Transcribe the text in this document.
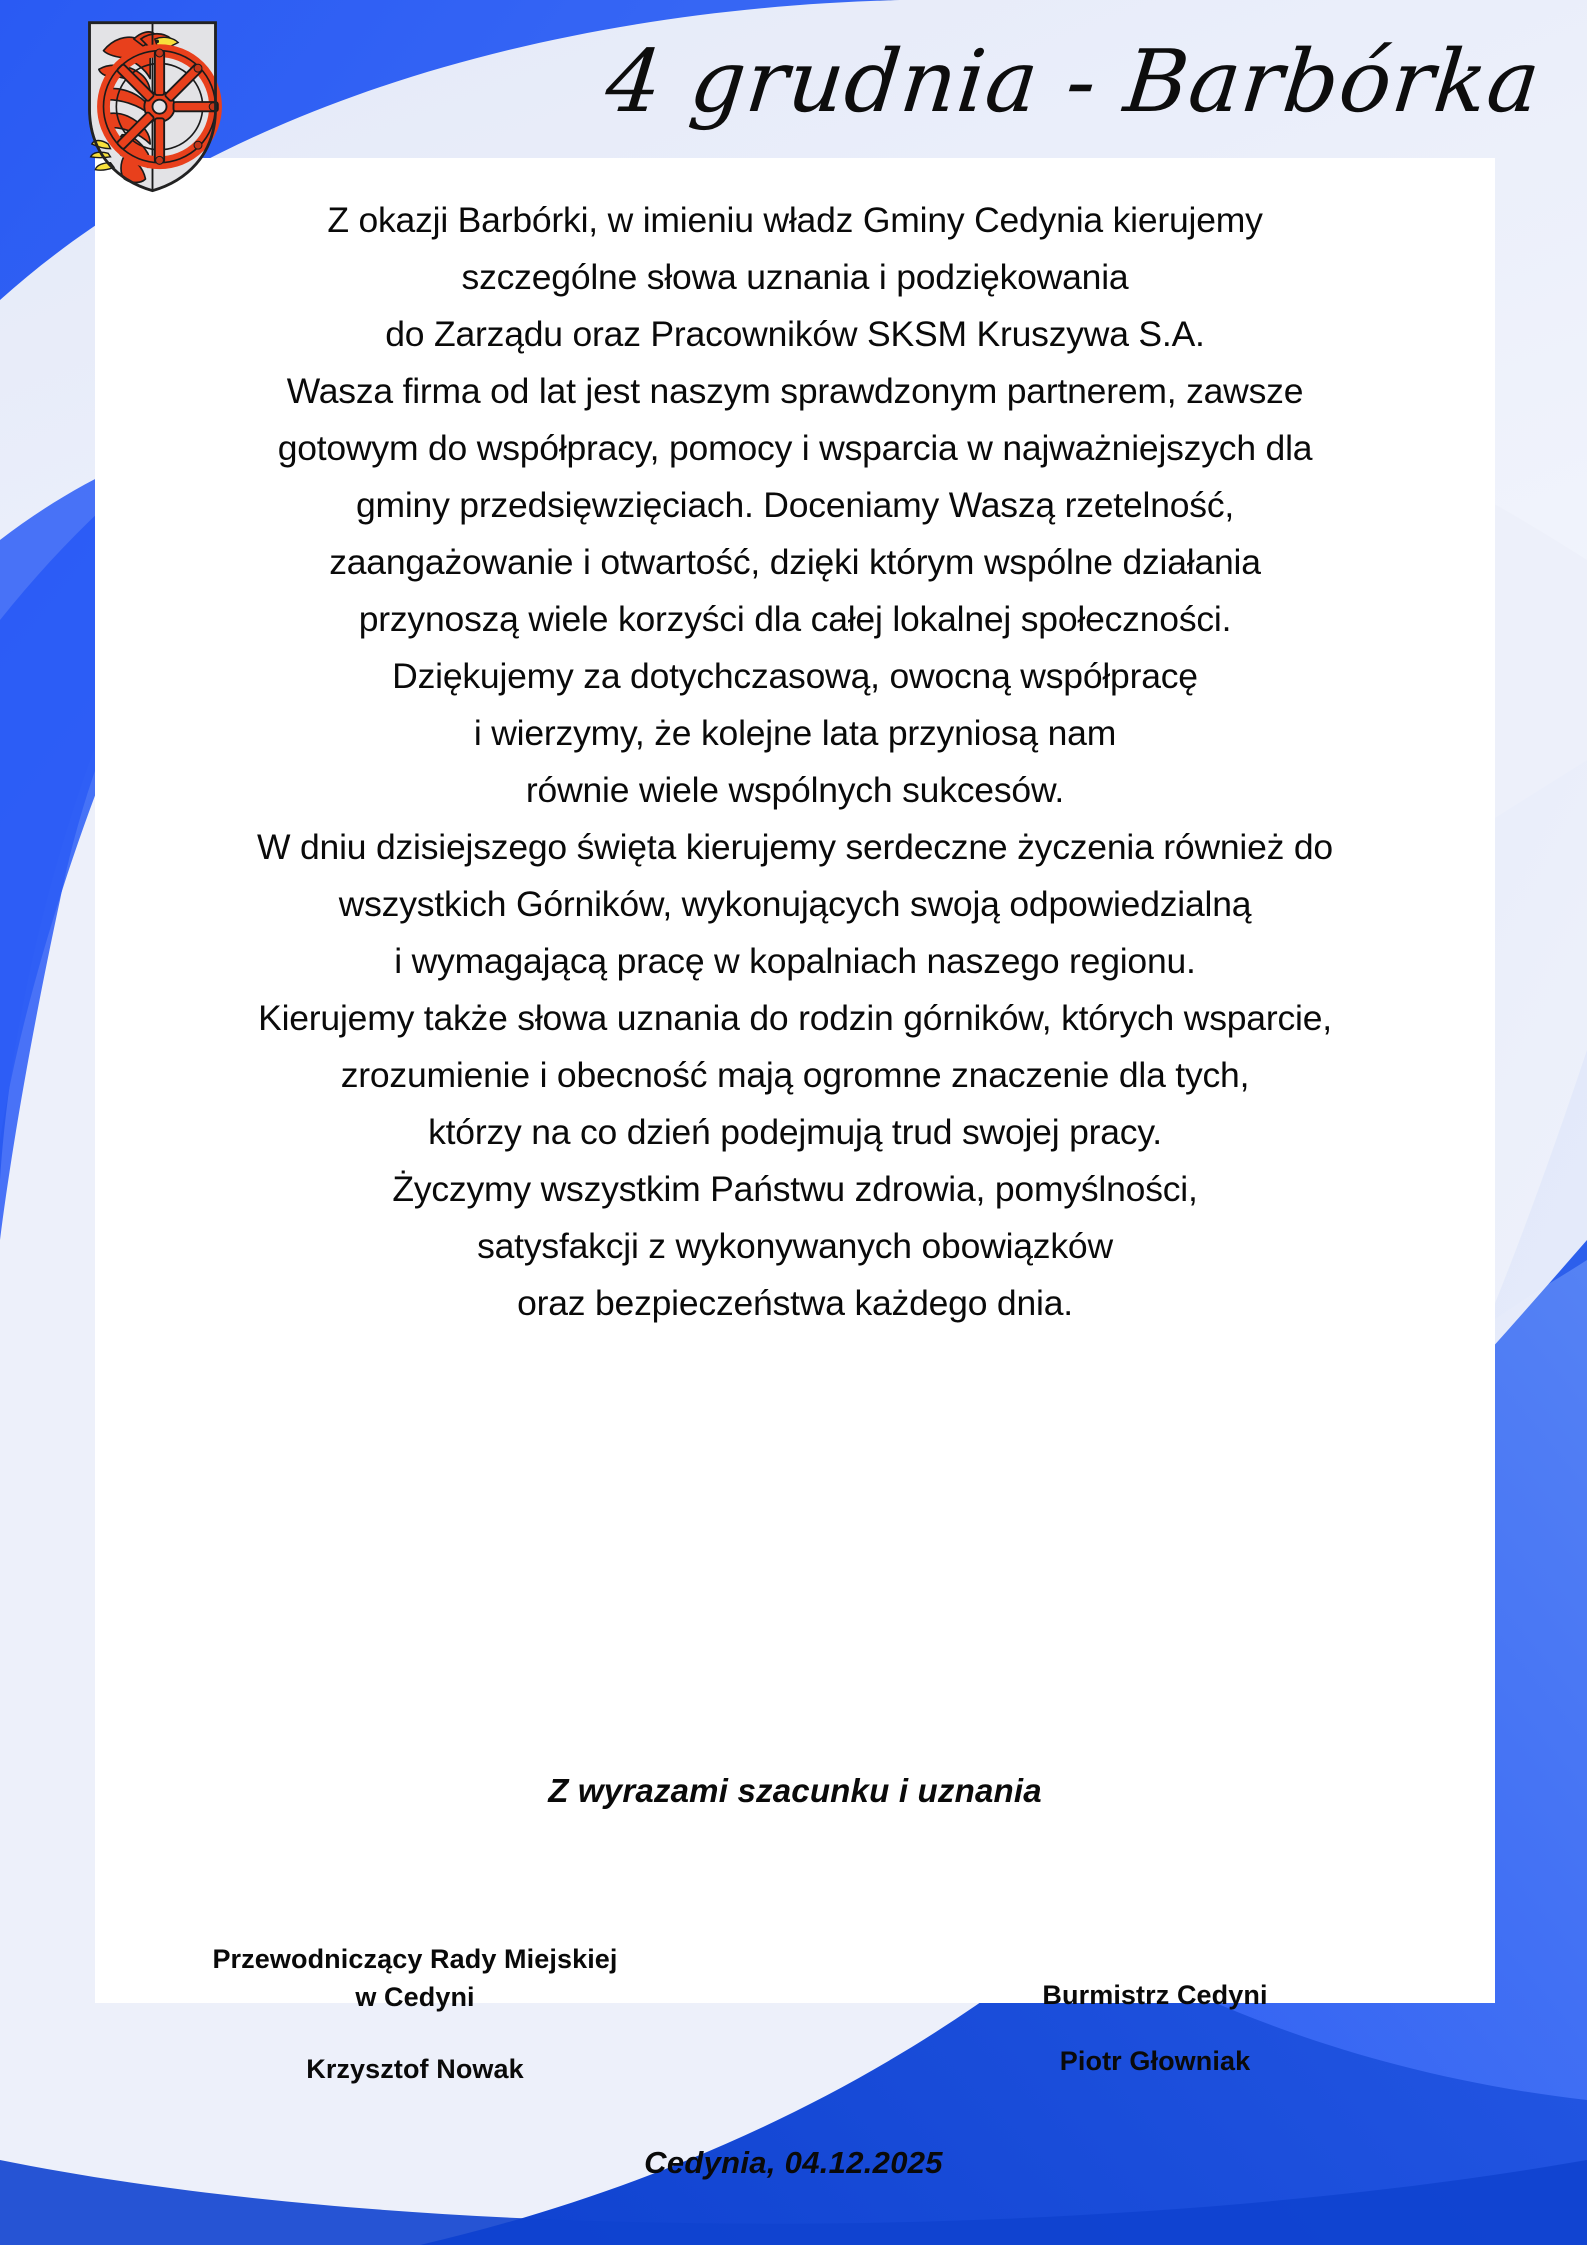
4 grudnia - Barbórka
Z okazji Barbórki, w imieniu władz Gminy Cedynia kierujemy
szczególne słowa uznania i podziękowania
do Zarządu oraz Pracowników SKSM Kruszywa S.A.
Wasza firma od lat jest naszym sprawdzonym partnerem, zawsze
gotowym do współpracy, pomocy i wsparcia w najważniejszych dla
gminy przedsięwzięciach. Doceniamy Waszą rzetelność,
zaangażowanie i otwartość, dzięki którym wspólne działania
przynoszą wiele korzyści dla całej lokalnej społeczności.
Dziękujemy za dotychczasową, owocną współpracę
i wierzymy, że kolejne lata przyniosą nam
równie wiele wspólnych sukcesów.
W dniu dzisiejszego święta kierujemy serdeczne życzenia również do
wszystkich Górników, wykonujących swoją odpowiedzialną
i wymagającą pracę w kopalniach naszego regionu.
Kierujemy także słowa uznania do rodzin górników, których wsparcie,
zrozumienie i obecność mają ogromne znaczenie dla tych,
którzy na co dzień podejmują trud swojej pracy.
Życzymy wszystkim Państwu zdrowia, pomyślności,
satysfakcji z wykonywanych obowiązków
oraz bezpieczeństwa każdego dnia.
Z wyrazami szacunku i uznania
Przewodniczący Rady Miejskiej
w Cedyni
Krzysztof Nowak
Burmistrz Cedyni
Piotr Głowniak
Cedynia, 04.12.2025
